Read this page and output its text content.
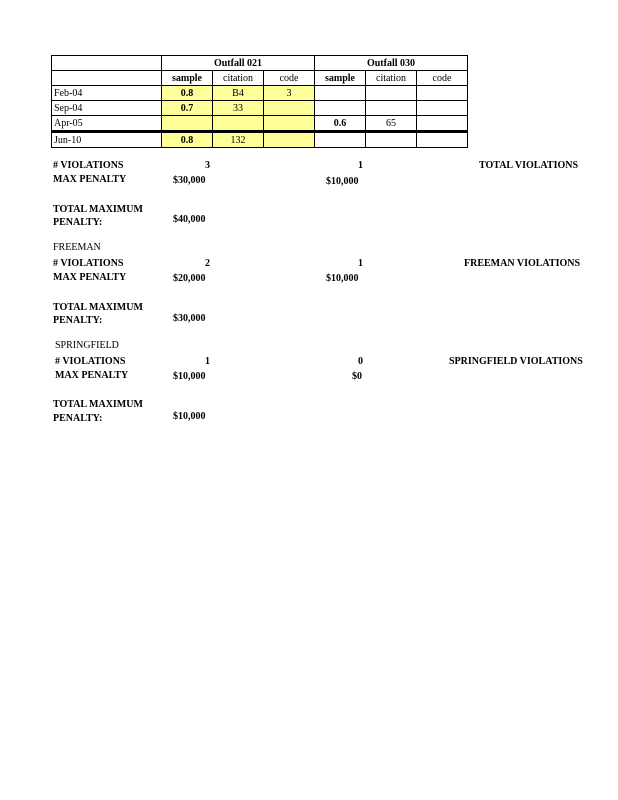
	Outfall 021			Outfall 030		
	sample	citation	code	sample	citation	code
Feb-04	0.8	B4	3			
Sep-04	0.7	33				
Apr-05				0.6	65	
Jun-10	0.8	132				
# VIOLATIONS	3	1	TOTAL VIOLATIONS
MAX PENALTY	$30,000	$10,000
TOTAL MAXIMUM
PENALTY:	$40,000
FREEMAN
# VIOLATIONS	2	1	FREEMAN VIOLATIONS
MAX PENALTY	$20,000	$10,000
TOTAL MAXIMUM
PENALTY:	$30,000
SPRINGFIELD
# VIOLATIONS	1	0	SPRINGFIELD VIOLATIONS
MAX PENALTY	$10,000	$0
TOTAL MAXIMUM
PENALTY:	$10,000
